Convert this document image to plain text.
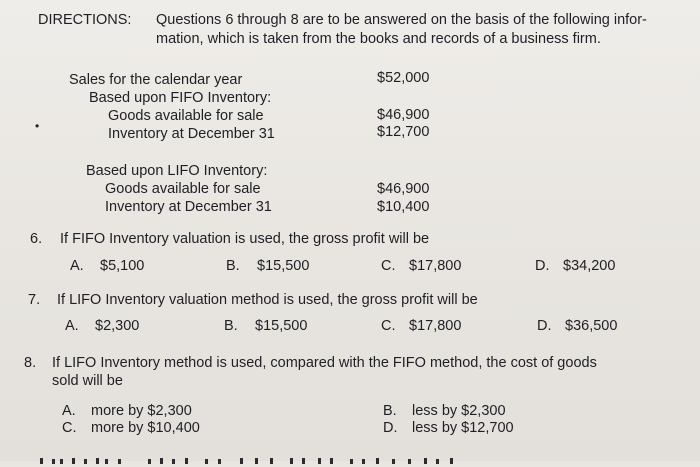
DIRECTIONS: Questions 6 through 8 are to be answered on the basis of the following infor-
mation, which is taken from the books and records of a business firm.
Sales for the calendar year	$52,000
Based upon FIFO Inventory:
Goods available for sale	$46,900
Inventory at December 31	$12,700
•
Based upon LIFO Inventory:
Goods available for sale	$46,900
Inventory at December 31	$10,400
6. If FIFO Inventory valuation is used, the gross profit will be
A. $5,100	B. $15,500	C. $17,800	D. $34,200
7. If LIFO Inventory valuation method is used, the gross profit will be
A. $2,300	B. $15,500	C. $17,800	D. $36,500
8. If LIFO Inventory method is used, compared with the FIFO method, the cost of goods
sold will be
A. more by $2,300
C. more by $10,400
B. less by $2,300
D. less by $12,700
